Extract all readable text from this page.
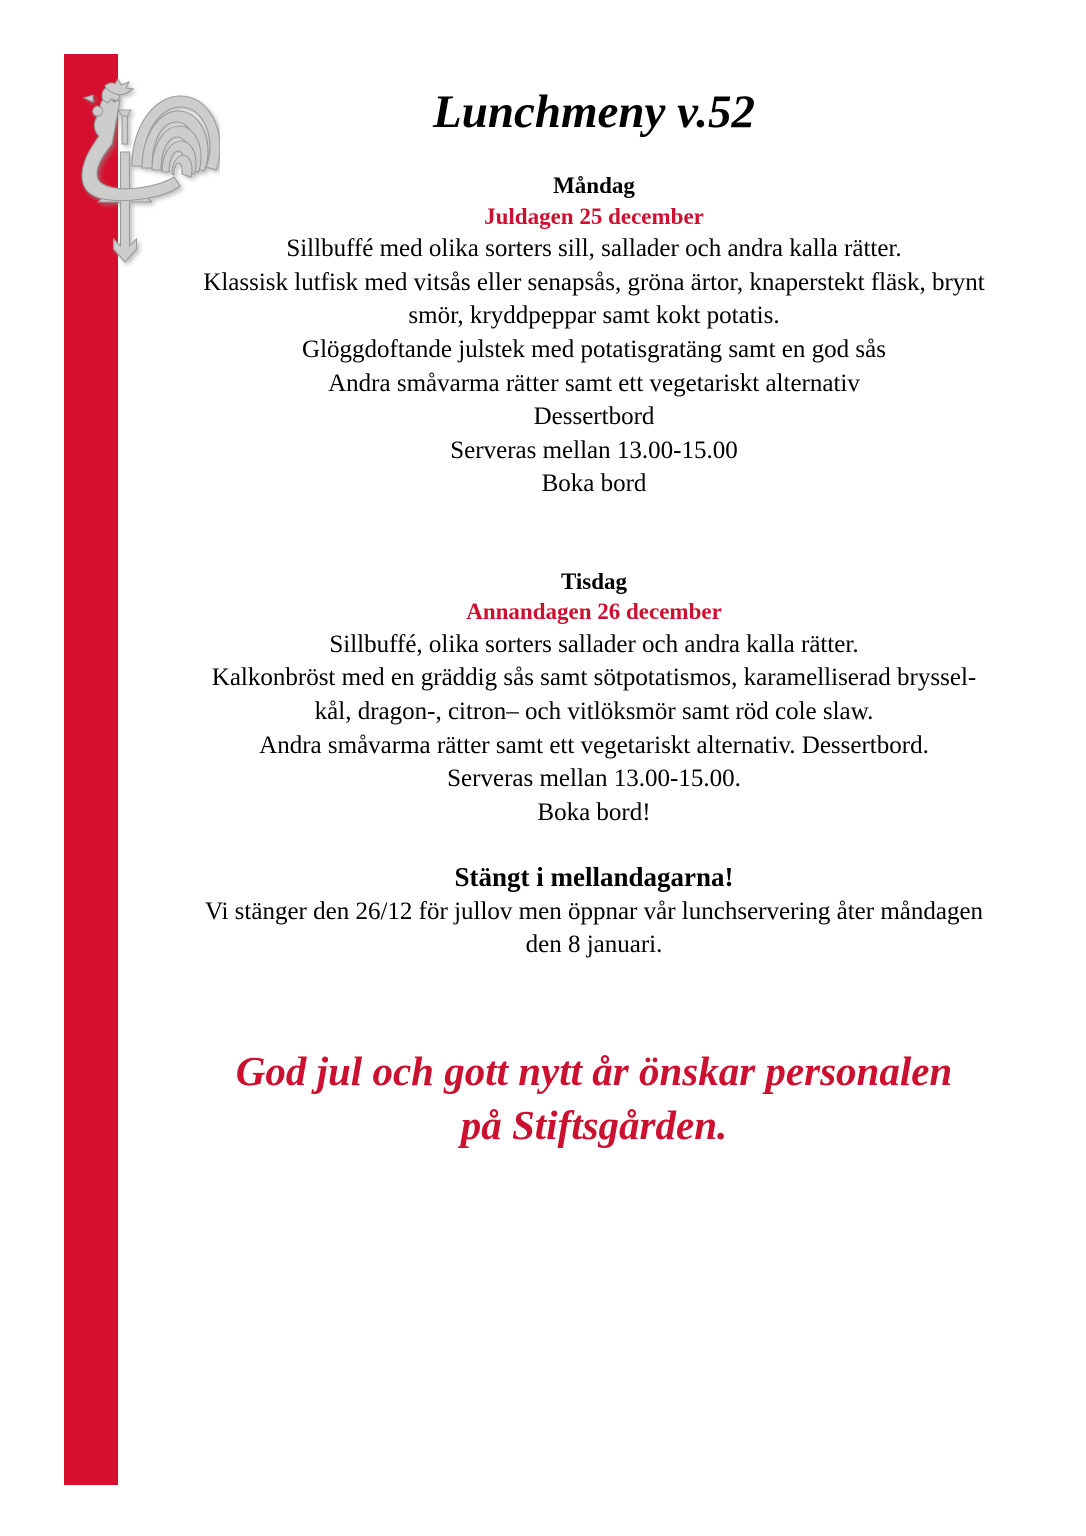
Lunchmeny v.52
Måndag
Juldagen 25 december
Sillbuffé med olika sorters sill, sallader och andra kalla rätter.
Klassisk lutfisk med vitsås eller senapsås, gröna ärtor, knaperstekt fläsk, brynt
smör, kryddpeppar samt kokt potatis.
Glöggdoftande julstek med potatisgratäng samt en god sås
Andra småvarma rätter samt ett vegetariskt alternativ
Dessertbord
Serveras mellan 13.00-15.00
Boka bord
Tisdag
Annandagen 26 december
Sillbuffé, olika sorters sallader och andra kalla rätter.
Kalkonbröst med en gräddig sås samt sötpotatismos, karamelliserad bryssel-
kål, dragon-, citron– och vitlöksmör samt röd cole slaw.
Andra småvarma rätter samt ett vegetariskt alternativ. Dessertbord.
Serveras mellan 13.00-15.00.
Boka bord!
Stängt i mellandagarna!
Vi stänger den 26/12 för jullov men öppnar vår lunchservering åter måndagen
den 8 januari.
God jul och gott nytt år önskar personalen
på Stiftsgården.
